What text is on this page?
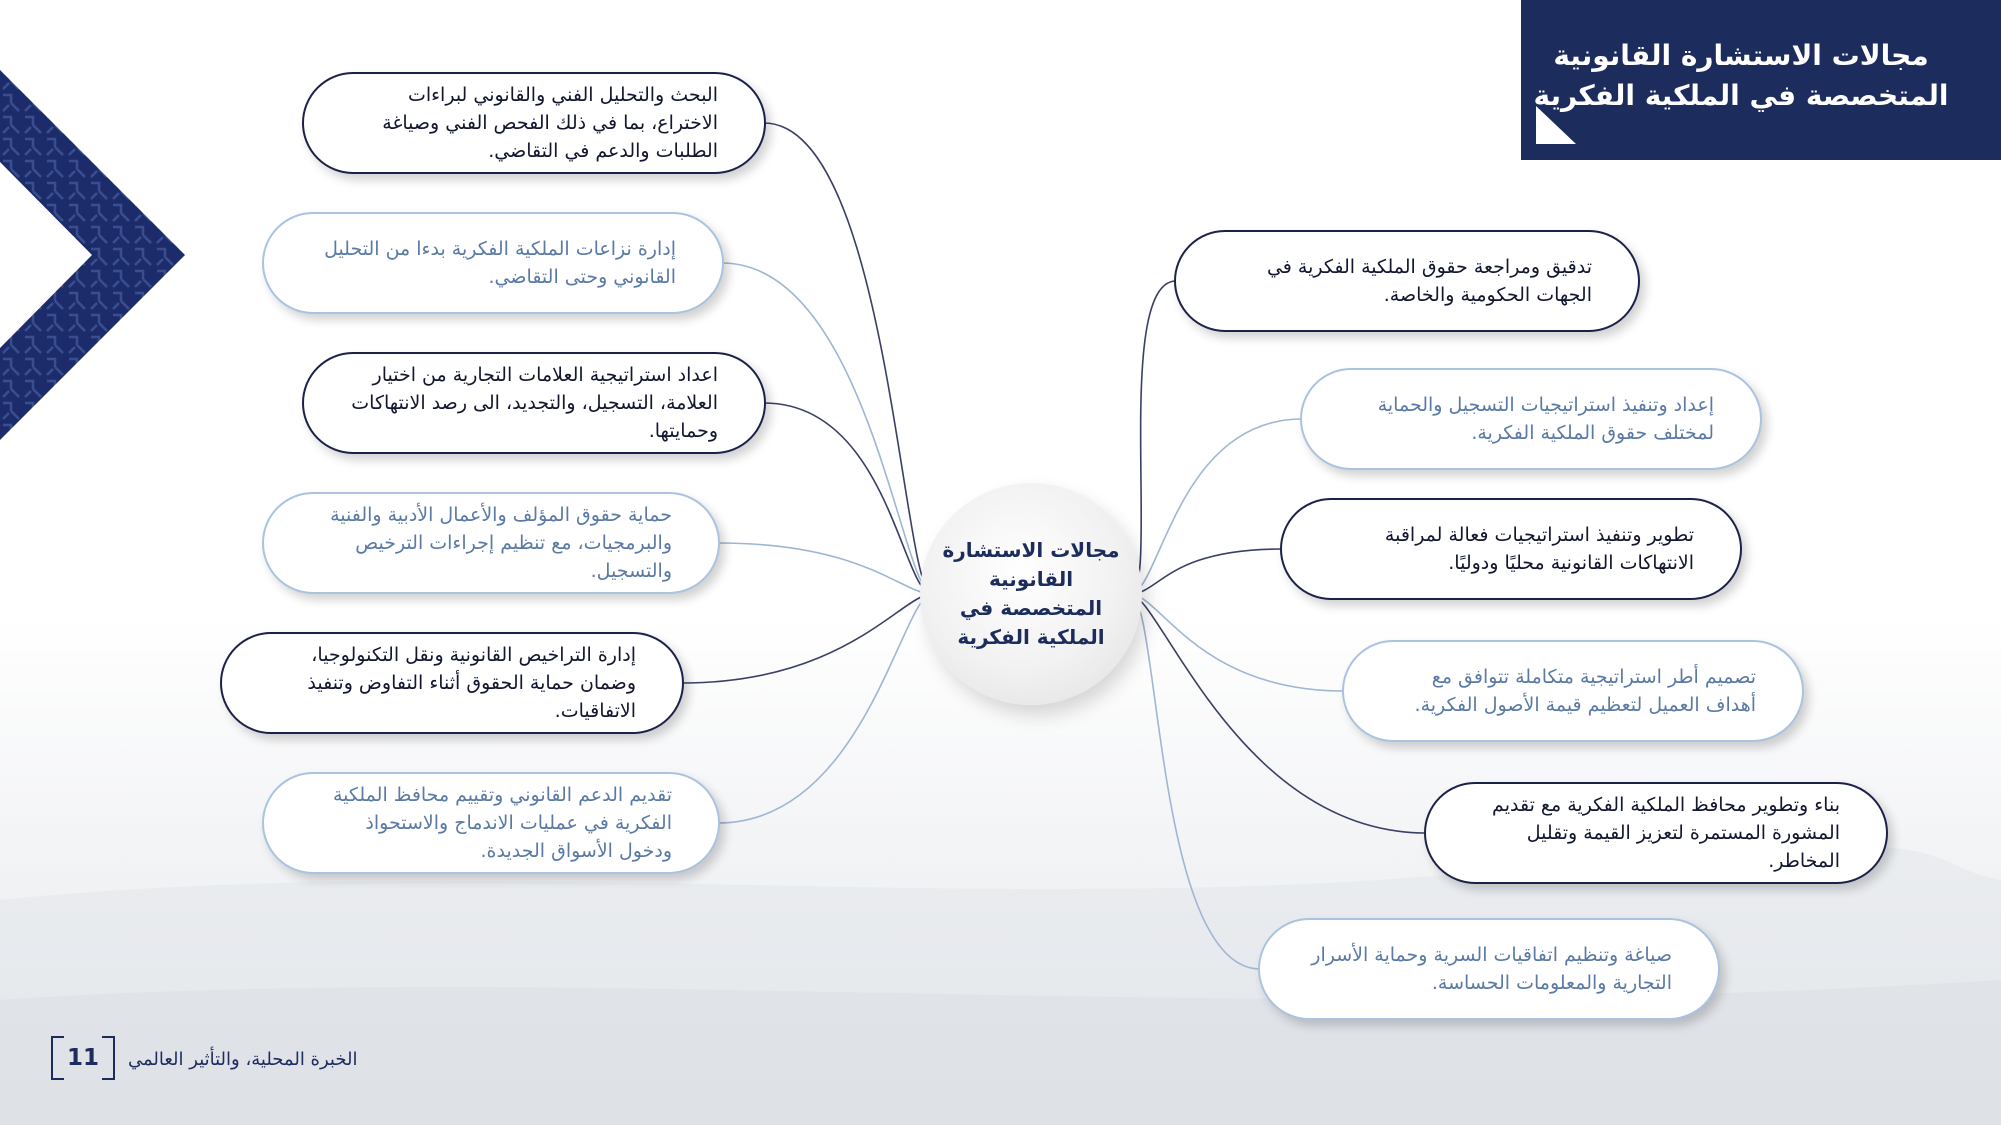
مجالات الاستشارة القانونية المتخصصة في الملكية الفكرية
البحث والتحليل الفني والقانوني لبراءات الاختراع، بما في ذلك الفحص الفني وصياغة الطلبات والدعم في التقاضي.
إدارة نزاعات الملكية الفكرية بدءا من التحليل القانوني وحتى التقاضي.
اعداد استراتيجية العلامات التجارية من اختيار العلامة، التسجيل، والتجديد، الى رصد الانتهاكات وحمايتها.
حماية حقوق المؤلف والأعمال الأدبية والفنية والبرمجيات، مع تنظيم إجراءات الترخيص والتسجيل.
إدارة التراخيص القانونية ونقل التكنولوجيا، وضمان حماية الحقوق أثناء التفاوض وتنفيذ الاتفاقيات.
تقديم الدعم القانوني وتقييم محافظ الملكية الفكرية في عمليات الاندماج والاستحواذ ودخول الأسواق الجديدة.
تدقيق ومراجعة حقوق الملكية الفكرية في الجهات الحكومية والخاصة.
إعداد وتنفيذ استراتيجيات التسجيل والحماية لمختلف حقوق الملكية الفكرية.
تطوير وتنفيذ استراتيجيات فعالة لمراقبة الانتهاكات القانونية محليًا ودوليًا.
تصميم أطر استراتيجية متكاملة تتوافق مع أهداف العميل لتعظيم قيمة الأصول الفكرية.
بناء وتطوير محافظ الملكية الفكرية مع تقديم المشورة المستمرة لتعزيز القيمة وتقليل المخاطر.
صياغة وتنظيم اتفاقيات السرية وحماية الأسرار التجارية والمعلومات الحساسة.
مجالات الاستشارة القانونية المتخصصة في الملكية الفكرية
11	الخبرة المحلية، والتأثير العالمي
